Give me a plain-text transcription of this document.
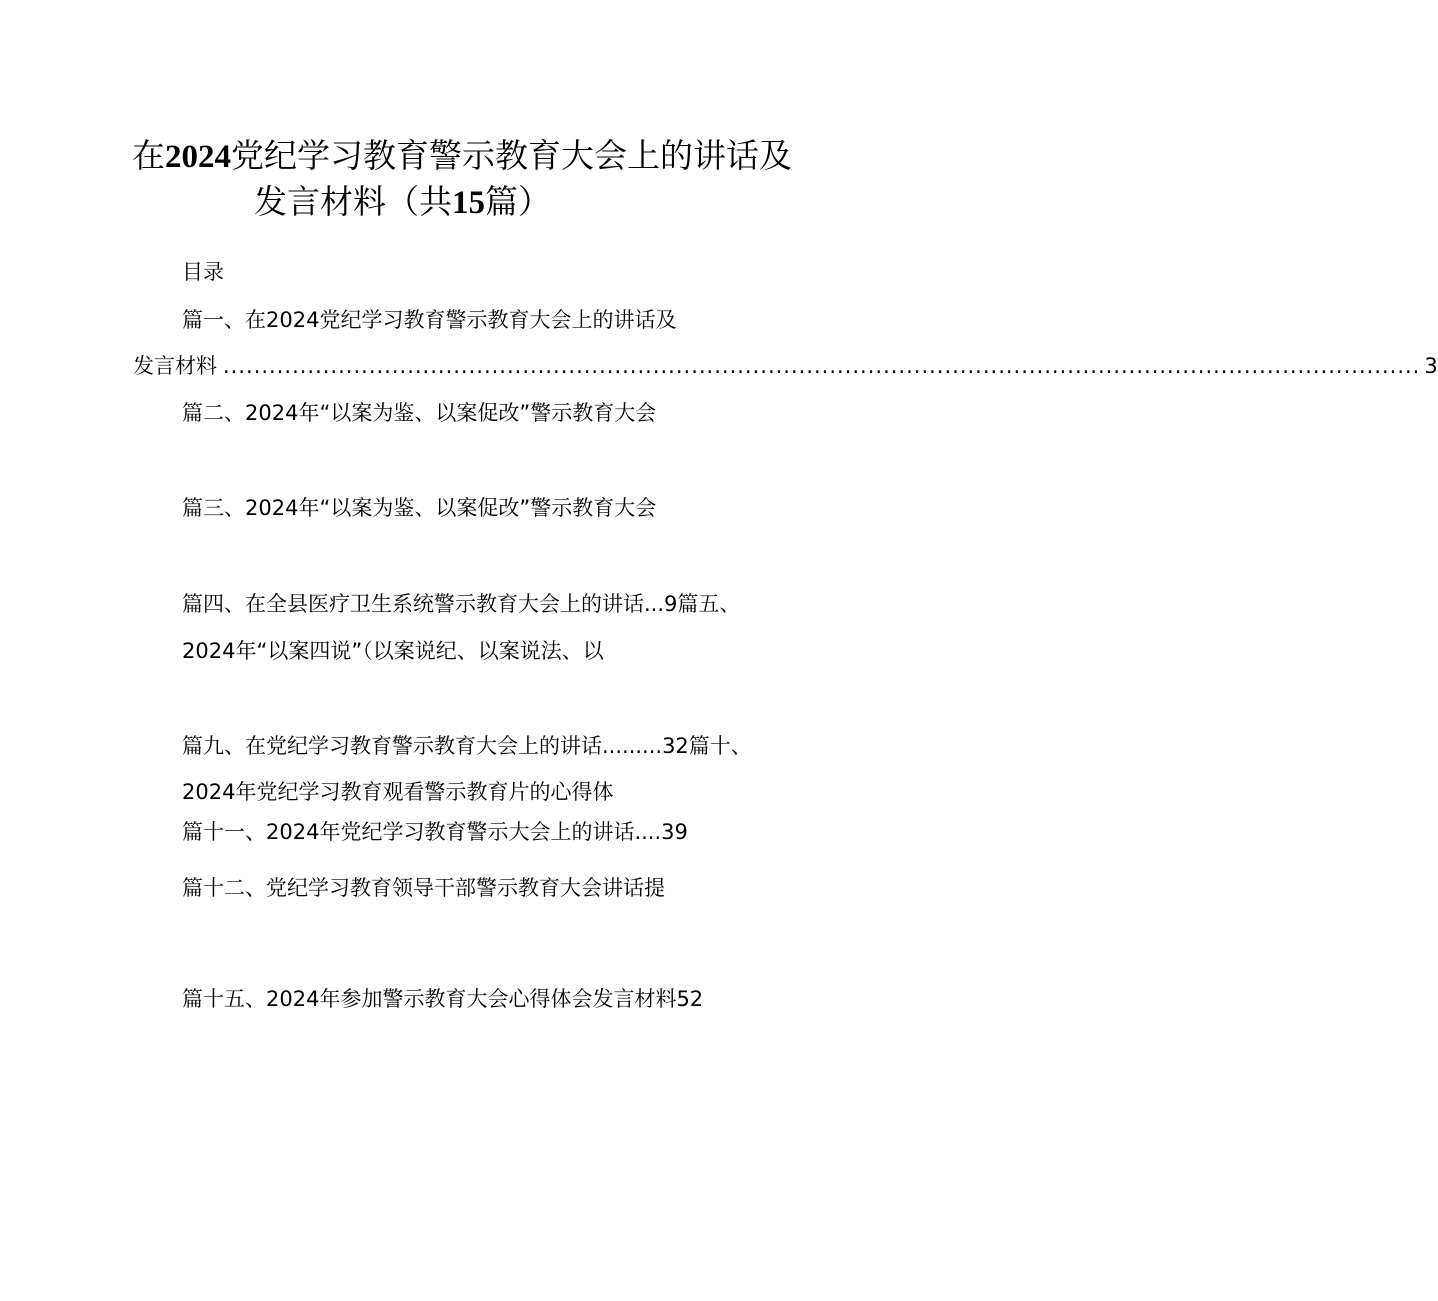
在2024党纪学习教育警示教育大会上的讲话及
发言材料（共15篇）
目录
篇一、在2024党纪学习教育警示教育大会上的讲话及
发言材料 ............................................................................................................................................................ 3
篇二、2024年“以案为鉴、以案促改”警示教育大会
篇三、2024年“以案为鉴、以案促改”警示教育大会
篇四、在全县医疗卫生系统警示教育大会上的讲话...9篇五、
2024年“以案四说”（以案说纪、以案说法、以
篇九、在党纪学习教育警示教育大会上的讲话.........32篇十、
2024年党纪学习教育观看警示教育片的心得体
篇十一、2024年党纪学习教育警示大会上的讲话....39
篇十二、党纪学习教育领导干部警示教育大会讲话提
篇十五、2024年参加警示教育大会心得体会发言材料52
